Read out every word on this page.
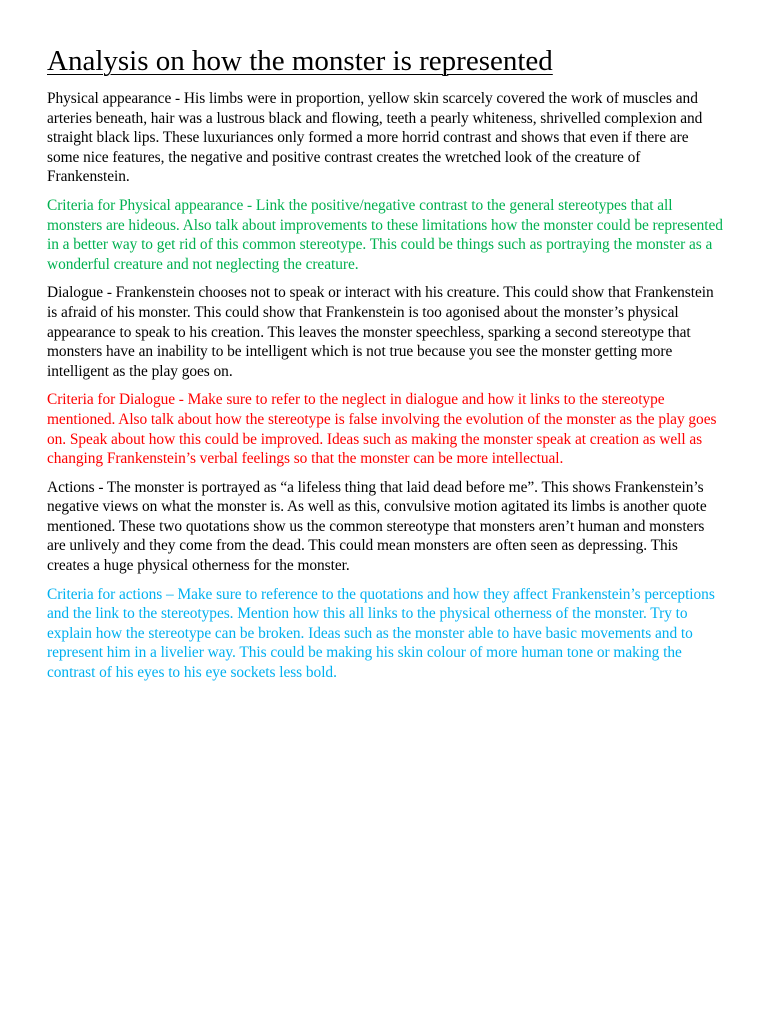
Analysis on how the monster is represented

Physical appearance - His limbs were in proportion, yellow skin scarcely covered the work of muscles and arteries beneath, hair was a lustrous black and flowing, teeth a pearly whiteness, shrivelled complexion and straight black lips. These luxuriances only formed a more horrid contrast and shows that even if there are some nice features, the negative and positive contrast creates the wretched look of the creature of Frankenstein.

Criteria for Physical appearance - Link the positive/negative contrast to the general stereotypes that all monsters are hideous. Also talk about improvements to these limitations how the monster could be represented in a better way to get rid of this common stereotype. This could be things such as portraying the monster as a wonderful creature and not neglecting the creature.

Dialogue - Frankenstein chooses not to speak or interact with his creature. This could show that Frankenstein is afraid of his monster. This could show that Frankenstein is too agonised about the monster’s physical appearance to speak to his creation. This leaves the monster speechless, sparking a second stereotype that monsters have an inability to be intelligent which is not true because you see the monster getting more intelligent as the play goes on.

Criteria for Dialogue - Make sure to refer to the neglect in dialogue and how it links to the stereotype mentioned. Also talk about how the stereotype is false involving the evolution of the monster as the play goes on. Speak about how this could be improved. Ideas such as making the monster speak at creation as well as changing Frankenstein’s verbal feelings so that the monster can be more intellectual.

Actions - The monster is portrayed as “a lifeless thing that laid dead before me”. This shows Frankenstein’s negative views on what the monster is. As well as this, convulsive motion agitated its limbs is another quote mentioned. These two quotations show us the common stereotype that monsters aren’t human and monsters are unlively and they come from the dead. This could mean monsters are often seen as depressing. This creates a huge physical otherness for the monster.

Criteria for actions – Make sure to reference to the quotations and how they affect Frankenstein’s perceptions and the link to the stereotypes. Mention how this all links to the physical otherness of the monster. Try to explain how the stereotype can be broken. Ideas such as the monster able to have basic movements and to represent him in a livelier way. This could be making his skin colour of more human tone or making the contrast of his eyes to his eye sockets less bold.
